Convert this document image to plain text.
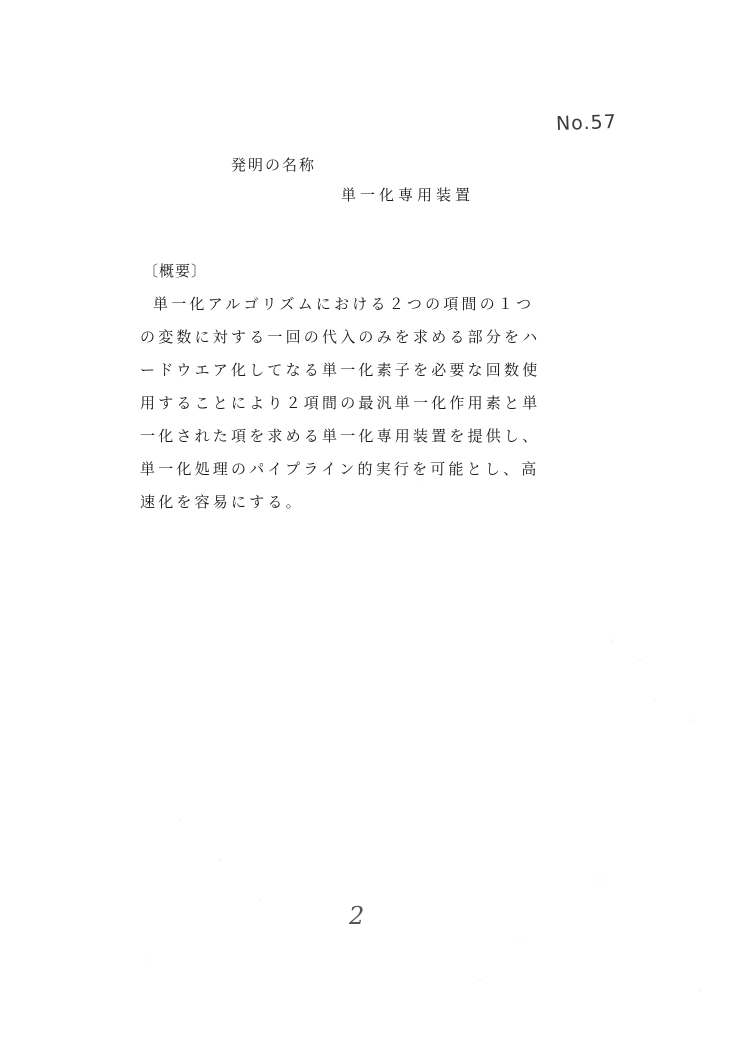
No.57
発明の名称
単一化専用装置
〔概要〕
単一化アルゴリズムにおける２つの項間の１つ
の変数に対する一回の代入のみを求める部分をハ
ードウエア化してなる単一化素子を必要な回数使
用することにより２項間の最汎単一化作用素と単
一化された項を求める単一化専用装置を提供し、
単一化処理のパイプライン的実行を可能とし、高
速化を容易にする。
2
